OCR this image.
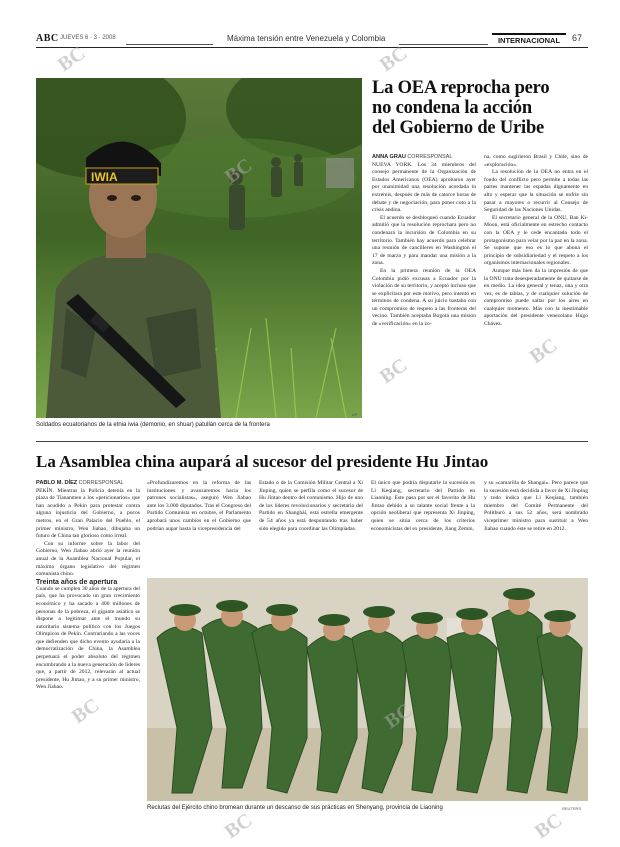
ABC JUEVES 6 · 3 · 2008	Máxima tensión entre Venezuela y Colombia	INTERNACIONAL	67
IWIA
Soldados ecuatorianos de la etnia iwia (demonio, en shuar) patullan cerca de la frontera
AP
La OEA reprocha pero
no condena la acción
del Gobierno de Uribe

ANNA GRAU CORRESPONSAL

NUEVA YORK. Los 34 miembros del consejo permanente de la Organización de Estados Americanos (OEA) aprobaron ayer por unanimidad una resolución acordada in extremis, después de más de catorce horas de debate y de negociación, para poner coto a la crisis andina.

El acuerdo se desbloqueó cuando Ecuador admitió que la resolución reprochara pero no condenara la incursión de Colombia en su territorio. También hay acuerdo para celebrar una reunión de cancilleres en Washington el 17 de marzo y para mandar una misión a la zona.

En la primera reunión de la OEA Colombia pidió excusas a Ecuador por la violación de su territorio, y aceptó incluso que se explicitara por este motivo, pero intentó en términos de condena. A su juicio bastaba con un compromiso de respeto a las fronteras del vecino. También aceptaba Bogotá una misión de «verificación» en la zo-

na, como sugirieron Brasil y Chile, sino de «exploración».

La resolución de la OEA no entra en el fondo del conflicto pero permite a todas las partes mantener las espadas dignamente en alto y esperar que la situación se enfríe sin pasar a mayores o recurrir al Consejo de Seguridad de las Naciones Unidas.

El secretario general de la ONU, Ban Ki-Moon, está oficialmente en estrecho contacto con la OEA y le cede encantado todo el protagonismo para velar por la paz en la zona. Se supone que eso es lo que abona el principio de subsidiariedad y el respeto a los organismos internacionales regionales.

Aunque más bien da la impresión de que la ONU trata desesperadamente de quitarse de en medio. La idea general y tenaz, una y otra vez, es de tablas, y de cualquier solución de compromiso puede saltar por los aires en cualquier momento. Más con la inestimable aportación del presidente venezolano Hugo Chávez.

La Asamblea china aupará al sucesor del presidente Hu Jintao

PABLO M. DÍEZ CORRESPONSAL

PEKÍN. Mientras la Policía detenía en la plaza de Tiananmen a los «peticionarios» que han acudido a Pekín para protestar contra alguna injusticia del Gobierno, a pocos metros, en el Gran Palacio del Pueblo, el primer ministro, Wen Jiabao, dibujaba un futuro de China tan glorioso como irreal.

Con su informe sobre la labor del Gobierno, Wen Jiabao abrió ayer la reunión anual de la Asamblea Nacional Popular, el máximo órgano legislativo del régimen comunista chino.

Treinta años de apertura

Cuando se cumplen 30 años de la apertura del país, que ha provocado un gran crecimiento económico y ha sacado a 400 millones de personas de la pobreza, el gigante asiático se dispone a legitimar ante el mundo su autoritario sistema político con los Juegos Olímpicos de Pekín. Contrariando a las voces que defienden que dicho evento ayudaría a la democratización de China, la Asamblea perpetuará el poder absoluto del régimen encumbrando a la nueva generación de líderes que, a partir de 2012, relevarán al actual presidente, Hu Jintao, y a su primer ministro, Wen Jiabao.

«Profundizaremos en la reforma de las instituciones y avanzaremos hacia los patrones socialistas», aseguró Wen Jiabao ante los 3.000 diputados. Tras el Congreso del Partido Comunista en octubre, el Parlamento aprobará unos cambios en el Gobierno que podrían aupar hasta la vicepresidencia del

Estado o de la Comisión Militar Central a Xi Jinping, quien se perfila como el sucesor de Hu Jintao dentro del comunismo. Hijo de uno de los líderes revolucionarios y secretario del Partido en Shanghái, esta estrella emergente de 54 años ya está despuntando tras haber sido elegido para coordinar las Olimpiadas.

El único que podría disputarle la sucesión es Li Keqiang, secretario del Partido en Liaoning. Este pasa por ser el favorito de Hu Jintao debido a su talante social frente a la opción neoliberal que representa Xi Jinping, quien se sitúa cerca de los criterios economicistas del ex presidente, Jiang Zemin,

y su «camarilla de Shangai». Pero parece que la sucesión está decidida a favor de Xi Jinping y todo indica que Li Keqiang, también miembro del Comité Permanente del Politburó a sus 52 años, será nombrado viceprimer ministro para sustituir a Wen Jiabao cuando éste se retire en 2012.

Reclutas del Ejército chino bromean durante un descanso de sus prácticas en Shenyang, provincia de Liaoning	REUTERS
BC
BC
BC
BC
BC
BC
BC
BC
BC
